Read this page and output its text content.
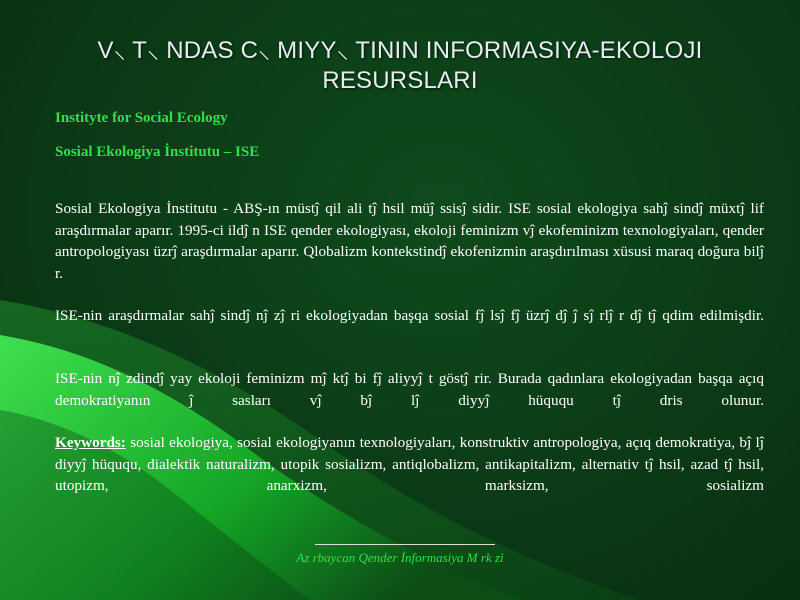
V⸜ T⸜ NDAS C⸜ MIYY⸜ TININ INFORMASIYA-EKOLOJI
RESURSLARI
Instityte for Social Ecology
Sosial Ekologiya İnstitutu – ISE
Sosial Ekologiya İnstitutu - ABŞ-ın müstĵ qil ali tĵ hsil müĵ ssisĵ sidir. ISE sosial ekologiya sahĵ sindĵ müxtĵ lif araşdırmalar aparır. 1995-ci ildĵ n ISE qender ekologiyası, ekoloji feminizm vĵ ekofeminizm texnologiyaları, qender antropologiyası üzrĵ araşdırmalar aparır. Qlobalizm kontekstindĵ ekofenizmin araşdırılması xüsusi maraq doğura bilĵ r.
ISE-nin araşdırmalar sahĵ sindĵ nĵ zĵ ri ekologiyadan başqa sosial fĵ lsĵ fĵ üzrĵ dĵ ĵ sĵ rlĵ r dĵ tĵ qdim edilmişdir.
ISE-nin nĵ zdindĵ yay ekoloji feminizm mĵ ktĵ bi fĵ aliyyĵ t göstĵ rir. Burada qadınlara ekologiyadan başqa açıq demokratiyanın ĵ sasları vĵ bĵ lĵ diyyĵ hüququ tĵ dris olunur.
Keywords: sosial ekologiya, sosial ekologiyanın texnologiyaları, konstruktiv antropologiya, açıq demokratiya, bĵ lĵ diyyĵ hüququ, dialektik naturalizm, utopik sosializm, antiqlobalizm, antikapitalizm, alternativ tĵ hsil, azad tĵ hsil, utopizm, anarxizm, marksizm, sosializm
Az rbaycan Qender İnformasiya M rk zi
